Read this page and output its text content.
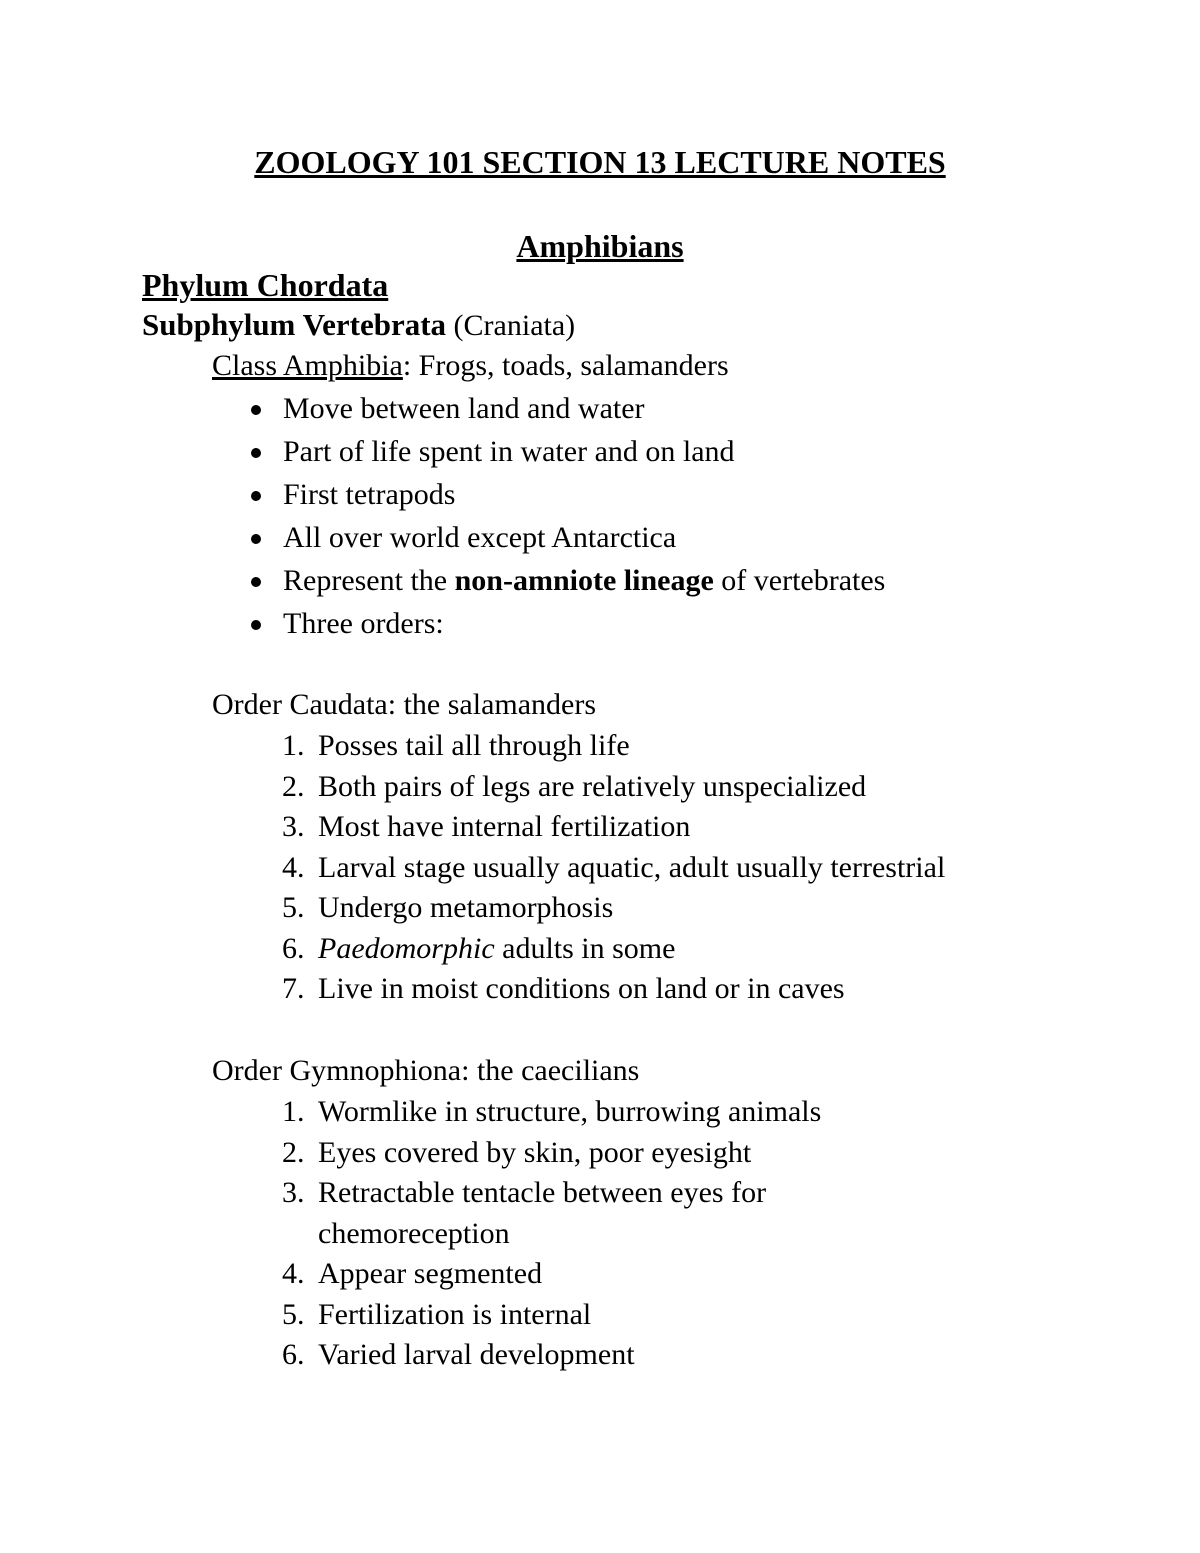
ZOOLOGY 101 SECTION 13 LECTURE NOTES
Amphibians
Phylum Chordata
Subphylum Vertebrata (Craniata)
Class Amphibia: Frogs, toads, salamanders
Move between land and water
Part of life spent in water and on land
First tetrapods
All over world except Antarctica
Represent the non-amniote lineage of vertebrates
Three orders:
Order Caudata: the salamanders
1. Posses tail all through life
2. Both pairs of legs are relatively unspecialized
3. Most have internal fertilization
4. Larval stage usually aquatic, adult usually terrestrial
5. Undergo metamorphosis
6. Paedomorphic adults in some
7. Live in moist conditions on land or in caves
Order Gymnophiona: the caecilians
1. Wormlike in structure, burrowing animals
2. Eyes covered by skin, poor eyesight
3. Retractable tentacle between eyes for chemoreception
4. Appear segmented
5. Fertilization is internal
6. Varied larval development
